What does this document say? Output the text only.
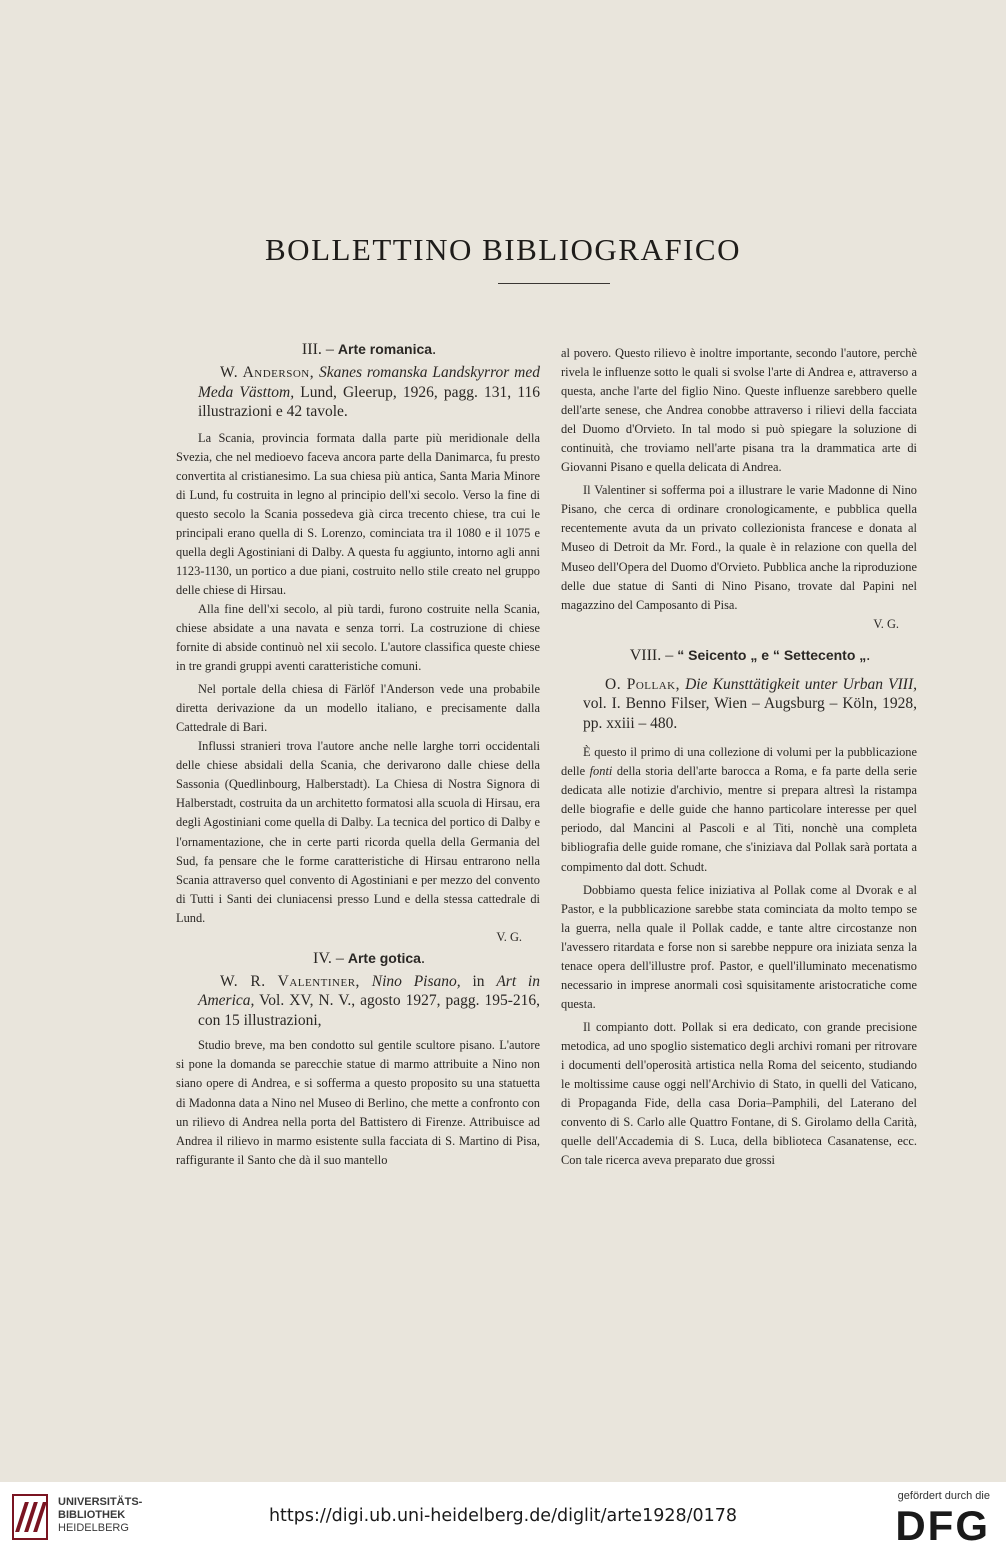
BOLLETTINO BIBLIOGRAFICO

III. – Arte romanica.

W. Anderson, Skanes romanska Landskyrror med Meda Västtom, Lund, Gleerup, 1926, pagg. 131, 116 illustrazioni e 42 tavole.

La Scania, provincia formata dalla parte più meridionale della Svezia, che nel medioevo faceva ancora parte della Danimarca, fu presto convertita al cristianesimo. La sua chiesa più antica, Santa Maria Minore di Lund, fu costruita in legno al principio dell'xi secolo. Verso la fine di questo secolo la Scania possedeva già circa trecento chiese, tra cui le principali erano quella di S. Lorenzo, cominciata tra il 1080 e il 1075 e quella degli Agostiniani di Dalby. A questa fu aggiunto, intorno agli anni 1123-1130, un portico a due piani, costruito nello stile creato nel gruppo delle chiese di Hirsau.

Alla fine dell'xi secolo, al più tardi, furono costruite nella Scania, chiese absidate a una navata e senza torri. La costruzione di chiese fornite di abside continuò nel xii secolo. L'autore classifica queste chiese in tre grandi gruppi aventi caratteristiche comuni.

Nel portale della chiesa di Färlöf l'Anderson vede una probabile diretta derivazione da un modello italiano, e precisamente dalla Cattedrale di Bari.

Influssi stranieri trova l'autore anche nelle larghe torri occidentali delle chiese absidali della Scania, che derivarono dalle chiese della Sassonia (Quedlinbourg, Halberstadt). La Chiesa di Nostra Signora di Halberstadt, costruita da un architetto formatosi alla scuola di Hirsau, era degli Agostiniani come quella di Dalby. La tecnica del portico di Dalby e l'ornamentazione, che in certe parti ricorda quella della Germania del Sud, fa pensare che le forme caratteristiche di Hirsau entrarono nella Scania attraverso quel convento di Agostiniani e per mezzo del convento di Tutti i Santi dei cluniacensi presso Lund e della stessa cattedrale di Lund.

V. G.

IV. – Arte gotica.

W. R. Valentiner, Nino Pisano, in Art in America, Vol. XV, N. V., agosto 1927, pagg. 195-216, con 15 illustrazioni,

Studio breve, ma ben condotto sul gentile scultore pisano. L'autore si pone la domanda se parecchie statue di marmo attribuite a Nino non siano opere di Andrea, e si sofferma a questo proposito su una statuetta di Madonna data a Nino nel Museo di Berlino, che mette a confronto con un rilievo di Andrea nella porta del Battistero di Firenze. Attribuisce ad Andrea il rilievo in marmo esistente sulla facciata di S. Martino di Pisa, raffigurante il Santo che dà il suo mantello

al povero. Questo rilievo è inoltre importante, secondo l'autore, perchè rivela le influenze sotto le quali si svolse l'arte di Andrea e, attraverso a questa, anche l'arte del figlio Nino. Queste influenze sarebbero quelle dell'arte senese, che Andrea conobbe attraverso i rilievi della facciata del Duomo d'Orvieto. In tal modo si può spiegare la soluzione di continuità, che troviamo nell'arte pisana tra la drammatica arte di Giovanni Pisano e quella delicata di Andrea.

Il Valentiner si sofferma poi a illustrare le varie Madonne di Nino Pisano, che cerca di ordinare cronologicamente, e pubblica quella recentemente avuta da un privato collezionista francese e donata al Museo di Detroit da Mr. Ford., la quale è in relazione con quella del Museo dell'Opera del Duomo d'Orvieto. Pubblica anche la riproduzione delle due statue di Santi di Nino Pisano, trovate dal Papini nel magazzino del Camposanto di Pisa.

V. G.

VIII. – “ Seicento „ e “ Settecento „.

O. Pollak, Die Kunsttätigkeit unter Urban VIII, vol. I. Benno Filser, Wien – Augsburg – Köln, 1928, pp. xxiii – 480.

È questo il primo di una collezione di volumi per la pubblicazione delle fonti della storia dell'arte barocca a Roma, e fa parte della serie dedicata alle notizie d'archivio, mentre si prepara altresì la ristampa delle biografie e delle guide che hanno particolare interesse per quel periodo, dal Mancini al Pascoli e al Titi, nonchè una completa bibliografia delle guide romane, che s'iniziava dal Pollak sarà portata a compimento dal dott. Schudt.

Dobbiamo questa felice iniziativa al Pollak come al Dvorak e al Pastor, e la pubblicazione sarebbe stata cominciata da molto tempo se la guerra, nella quale il Pollak cadde, e tante altre circostanze non l'avessero ritardata e forse non si sarebbe neppure ora iniziata senza la tenace opera dell'illustre prof. Pastor, e quell'illuminato mecenatismo necessario in imprese anormali così squisitamente aristocratiche come questa.

Il compianto dott. Pollak si era dedicato, con grande precisione metodica, ad uno spoglio sistematico degli archivi romani per ritrovare i documenti dell'operosità artistica nella Roma del seicento, studiando le moltissime cause oggi nell'Archivio di Stato, in quelli del Vaticano, di Propaganda Fide, della casa Doria–Pamphili, del Laterano del convento di S. Carlo alle Quattro Fontane, di S. Girolamo della Carità, quelle dell'Accademia di S. Luca, della biblioteca Casanatense, ecc. Con tale ricerca aveva preparato due grossi

UNIVERSITÄTS-
BIBLIOTHEK
HEIDELBERG
https://digi.ub.uni-heidelberg.de/diglit/arte1928/0178
gefördert durch die
DFG
